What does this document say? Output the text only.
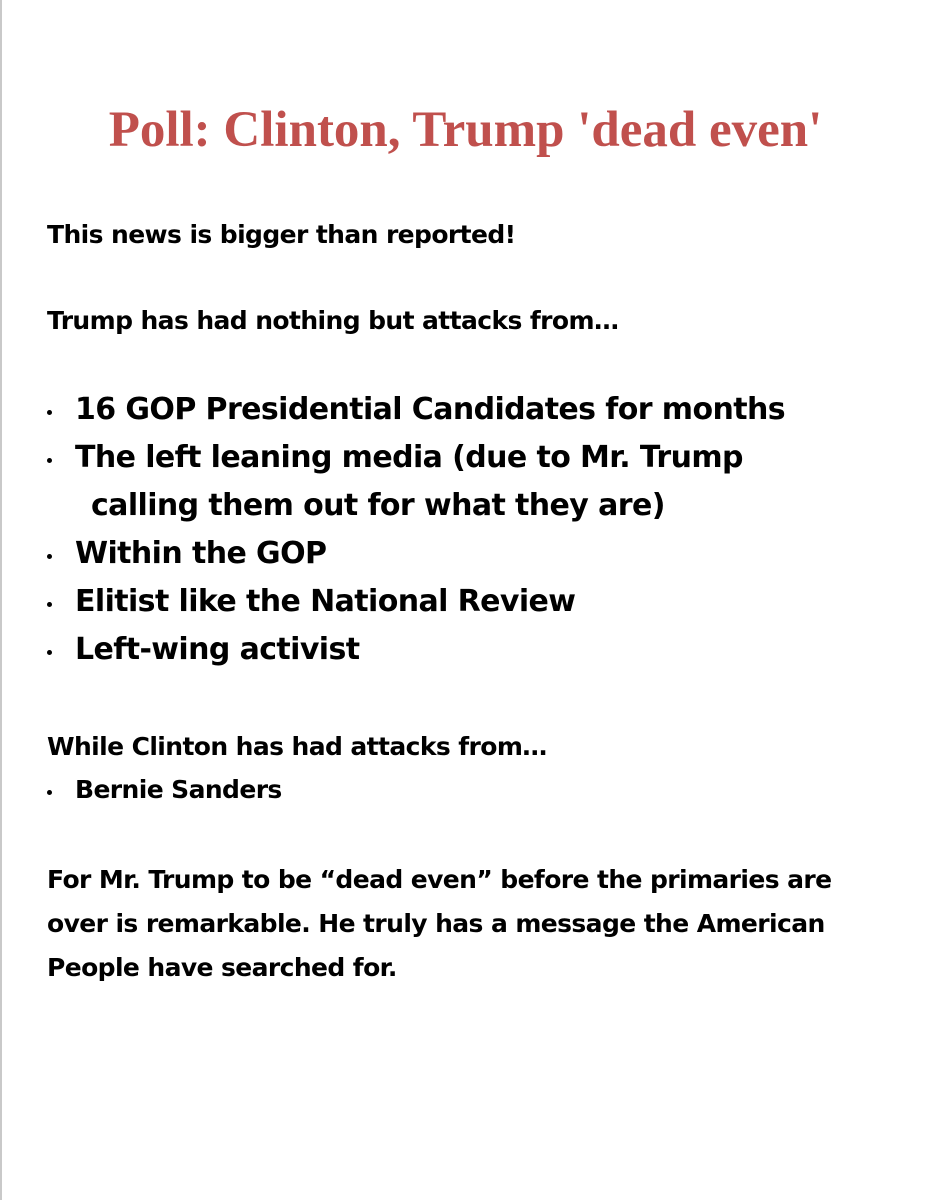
Poll: Clinton, Trump 'dead even'
This news is bigger than reported!
Trump has had nothing but attacks from…
16 GOP Presidential Candidates for months
The left leaning media (due to Mr. Trump
calling them out for what they are)
Within the GOP
Elitist like the National Review
Left-wing activist
While Clinton has had attacks from…
Bernie Sanders
For Mr. Trump to be “dead even” before the primaries are over is remarkable. He truly has a message the American People have searched for.
